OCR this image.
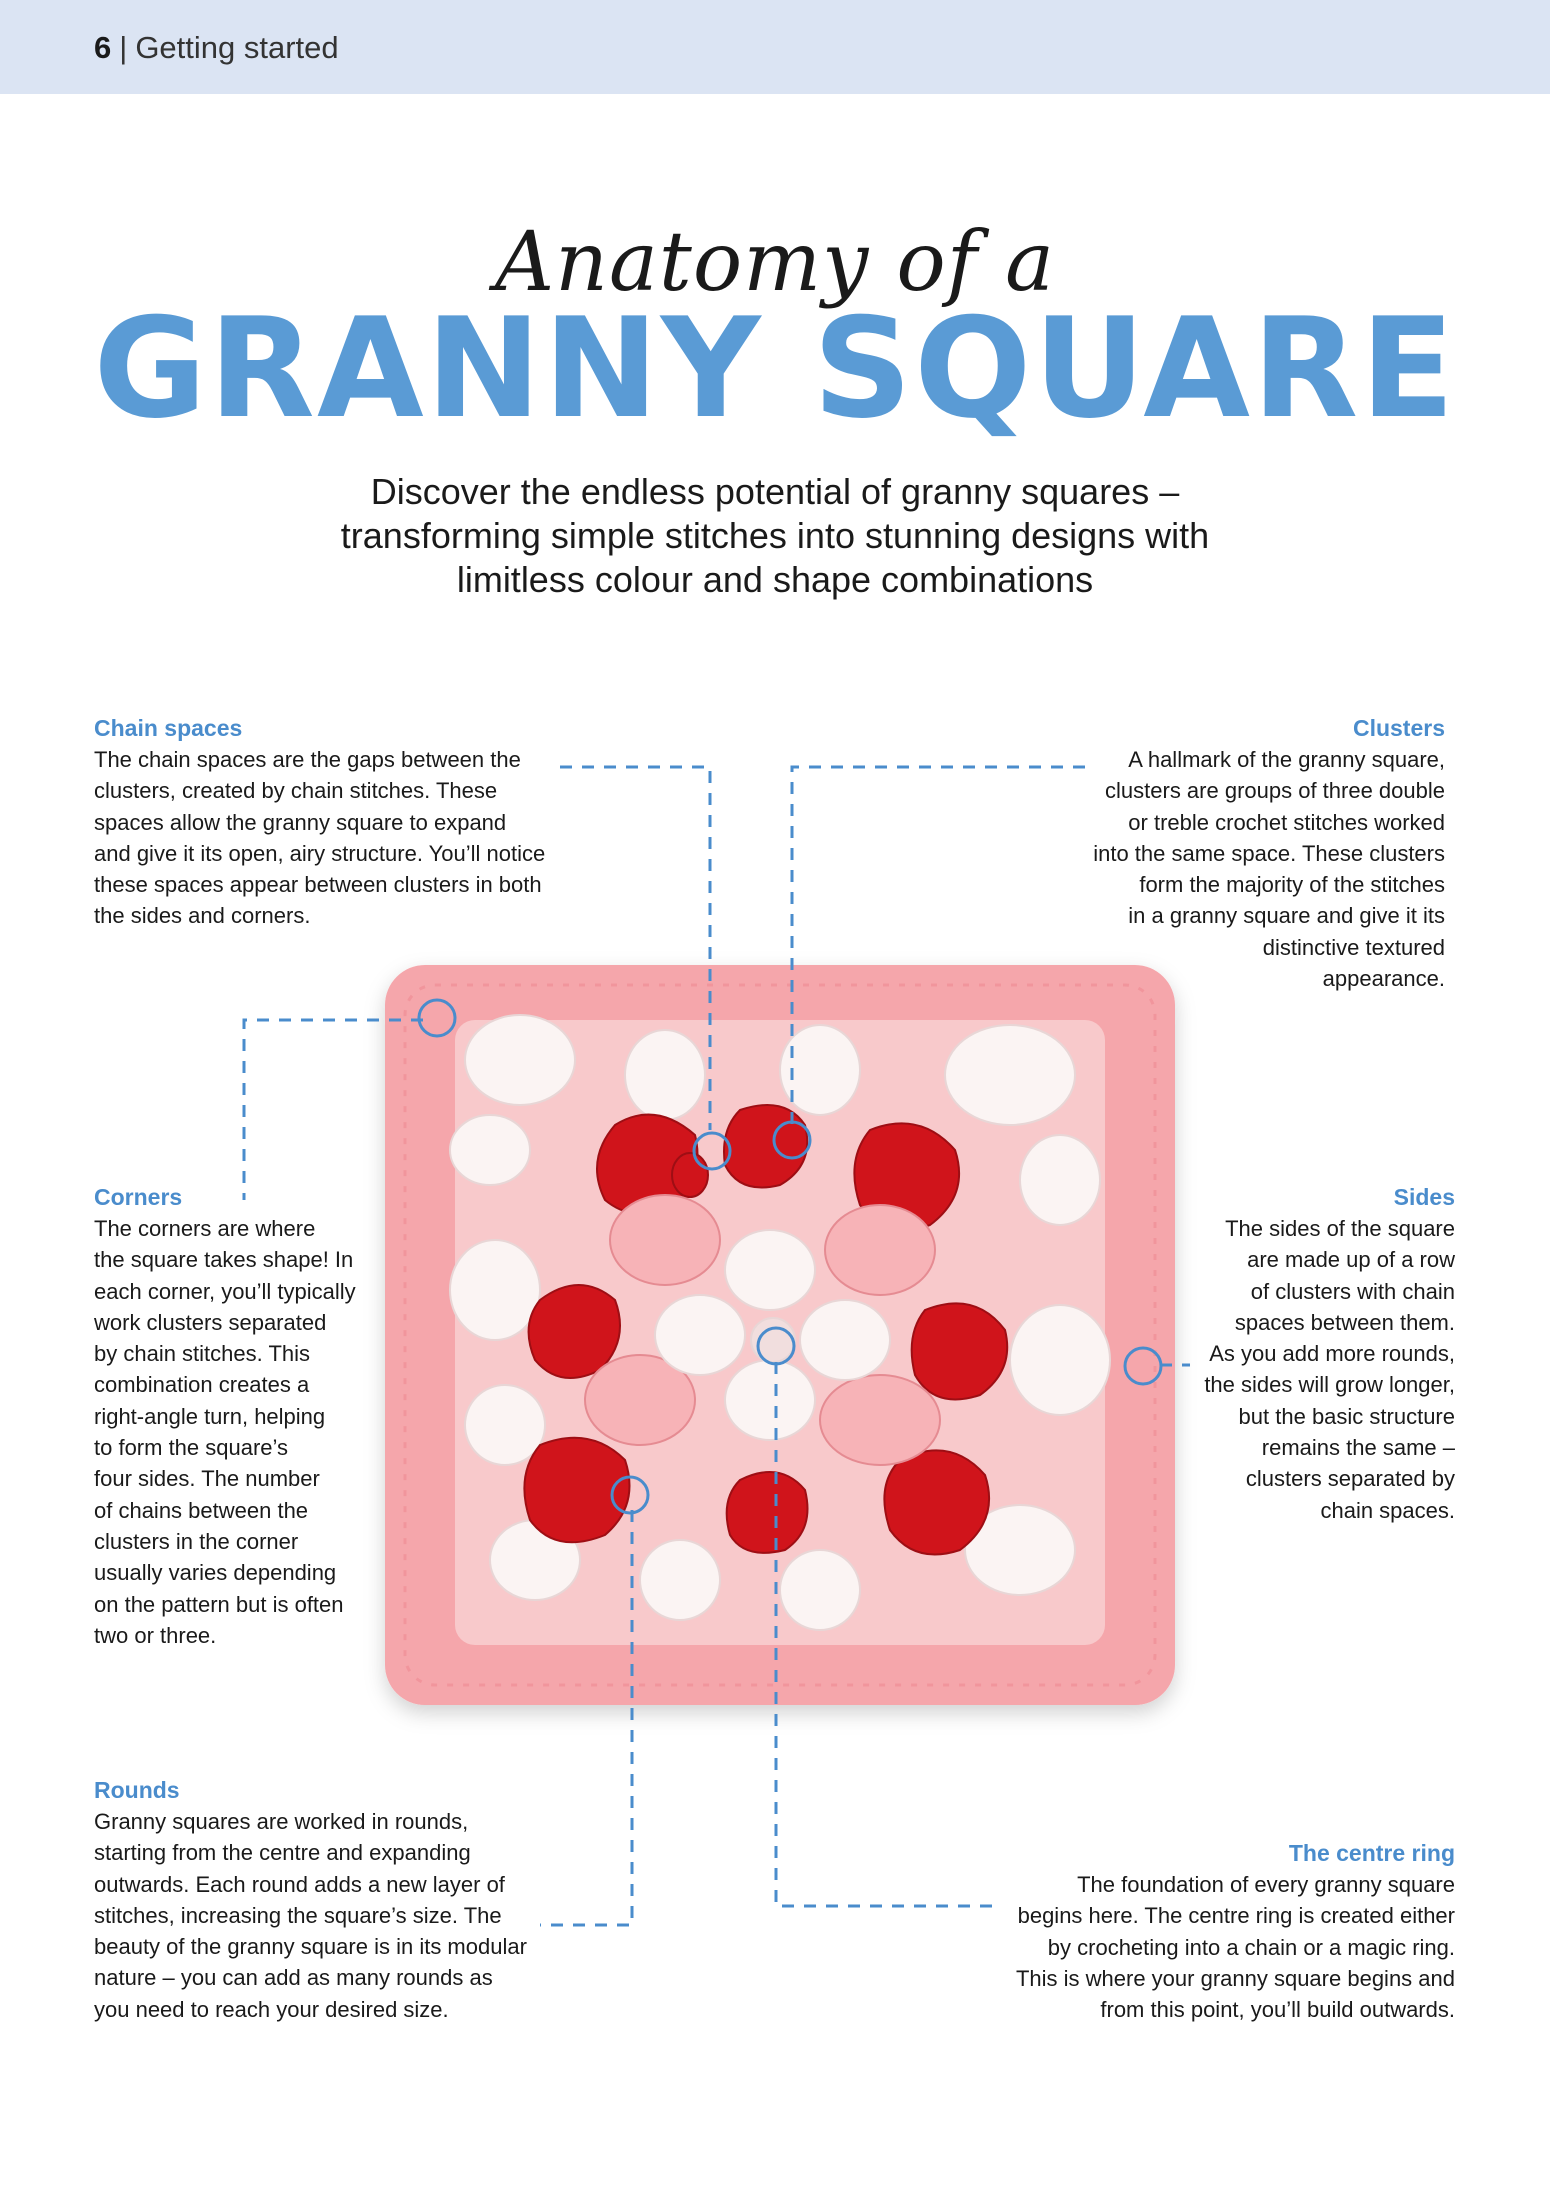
6 | Getting started
Anatomy of a
GRANNY SQUARE
Discover the endless potential of granny squares –
transforming simple stitches into stunning designs with
limitless colour and shape combinations
Chain spaces

The chain spaces are the gaps between the

clusters, created by chain stitches. These

spaces allow the granny square to expand

and give it its open, airy structure. You’ll notice

these spaces appear between clusters in both

the sides and corners.

Clusters

A hallmark of the granny square,

clusters are groups of three double

or treble crochet stitches worked

into the same space. These clusters

form the majority of the stitches

in a granny square and give it its

distinctive textured

appearance.

Corners

The corners are where

the square takes shape! In

each corner, you’ll typically

work clusters separated

by chain stitches. This

combination creates a

right-angle turn, helping

to form the square’s

four sides. The number

of chains between the

clusters in the corner

usually varies depending

on the pattern but is often

two or three.

Sides

The sides of the square

are made up of a row

of clusters with chain

spaces between them.

As you add more rounds,

the sides will grow longer,

but the basic structure

remains the same –

clusters separated by

chain spaces.

Rounds

Granny squares are worked in rounds,

starting from the centre and expanding

outwards. Each round adds a new layer of

stitches, increasing the square’s size. The

beauty of the granny square is in its modular

nature – you can add as many rounds as

you need to reach your desired size.

The centre ring

The foundation of every granny square

begins here. The centre ring is created either

by crocheting into a chain or a magic ring.

This is where your granny square begins and

from this point, you’ll build outwards.
